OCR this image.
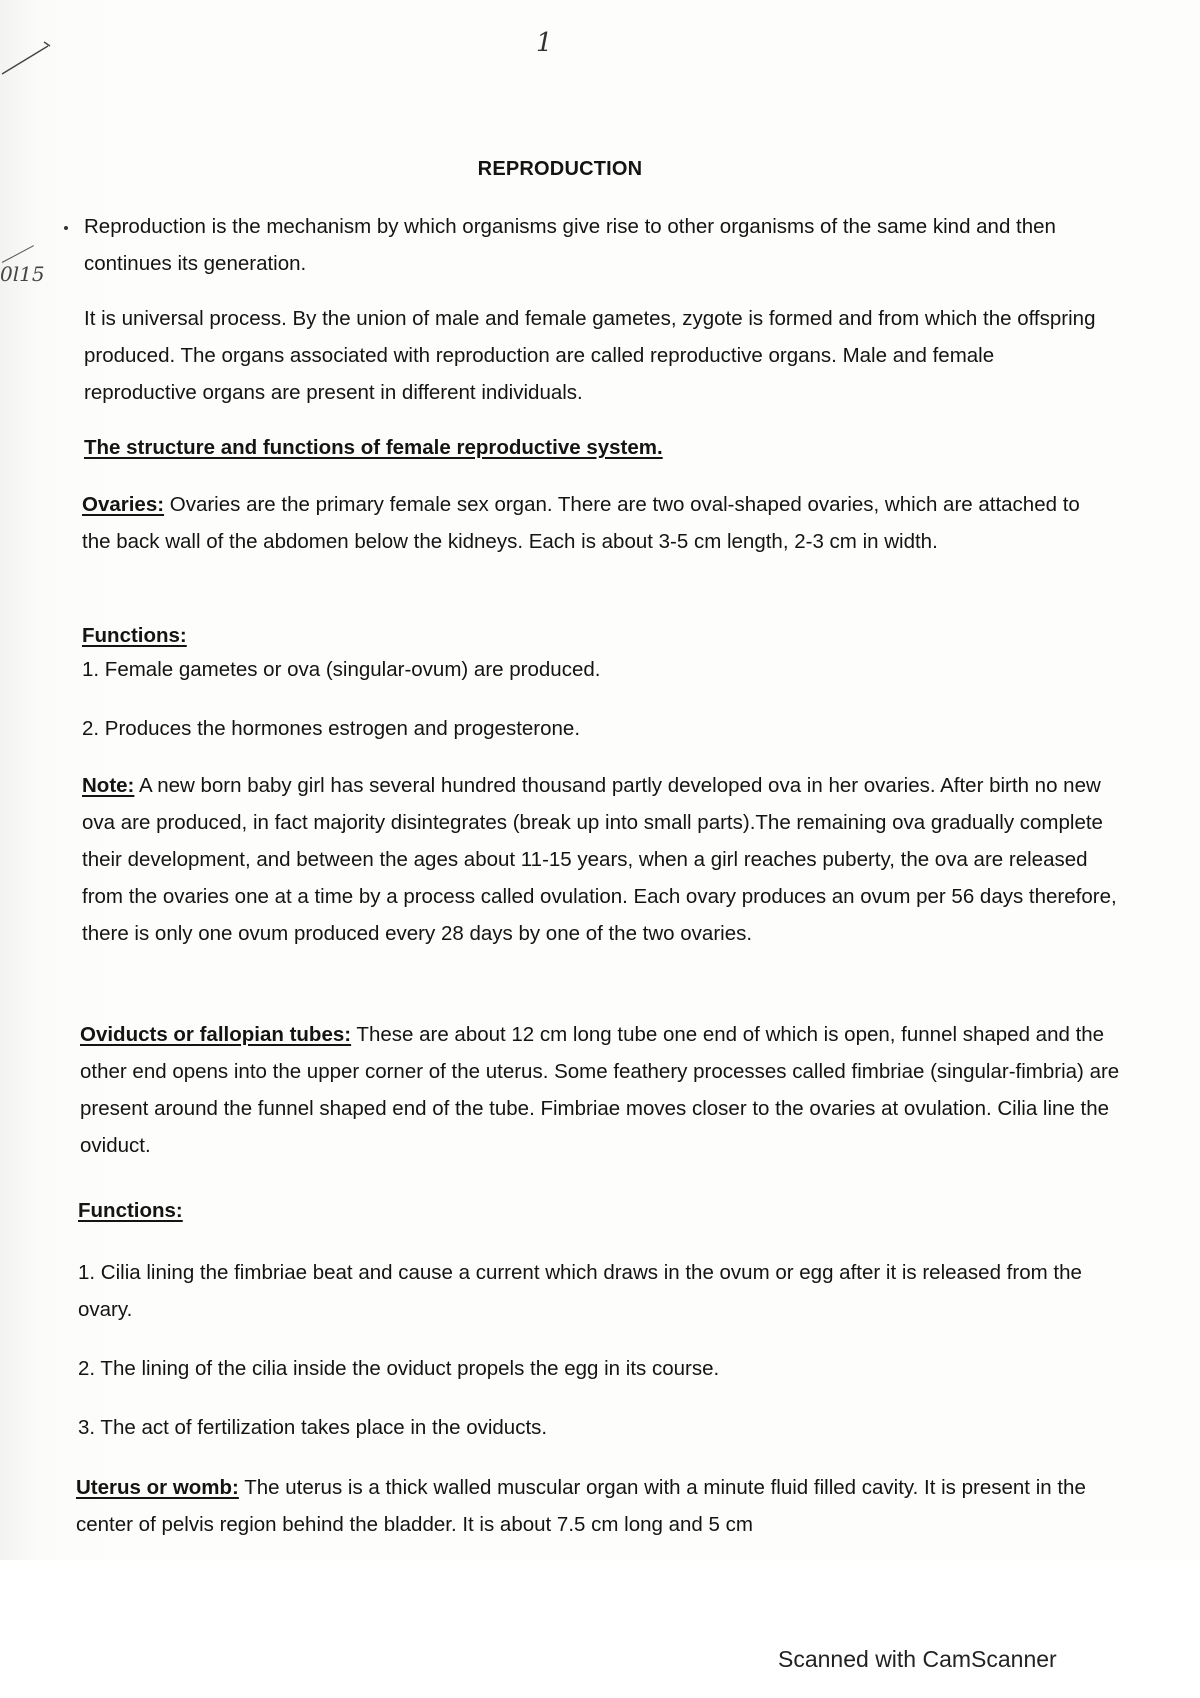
0l15
1
REPRODUCTION

Reproduction is the mechanism by which organisms give rise to other organisms of the same kind and then continues its generation.

It is universal process. By the union of male and female gametes, zygote is formed and from which the offspring produced. The organs associated with reproduction are called reproductive organs. Male and female reproductive organs are present in different individuals.

The structure and functions of female reproductive system.

Ovaries: Ovaries are the primary female sex organ. There are two oval-shaped ovaries, which are attached to the back wall of the abdomen below the kidneys. Each is about 3-5 cm length, 2-3 cm in width.

Functions:

1. Female gametes or ova (singular-ovum) are produced.

2. Produces the hormones estrogen and progesterone.

Note: A new born baby girl has several hundred thousand partly developed ova in her ovaries. After birth no new ova are produced, in fact majority disintegrates (break up into small parts).The remaining ova gradually complete their development, and between the ages about 11-15 years, when a girl reaches puberty, the ova are released from the ovaries one at a time by a process called ovulation. Each ovary produces an ovum per 56 days therefore, there is only one ovum produced every 28 days by one of the two ovaries.

Oviducts or fallopian tubes: These are about 12 cm long tube one end of which is open, funnel shaped and the other end opens into the upper corner of the uterus. Some feathery processes called fimbriae (singular-fimbria) are present around the funnel shaped end of the tube. Fimbriae moves closer to the ovaries at ovulation. Cilia line the oviduct.

Functions:

1. Cilia lining the fimbriae beat and cause a current which draws in the ovum or egg after it is released from the ovary.

2. The lining of the cilia inside the oviduct propels the egg in its course.

3. The act of fertilization takes place in the oviducts.

Uterus or womb: The uterus is a thick walled muscular organ with a minute fluid filled cavity. It is present in the center of pelvis region behind the bladder. It is about 7.5 cm long and 5 cm

Scanned with CamScanner
